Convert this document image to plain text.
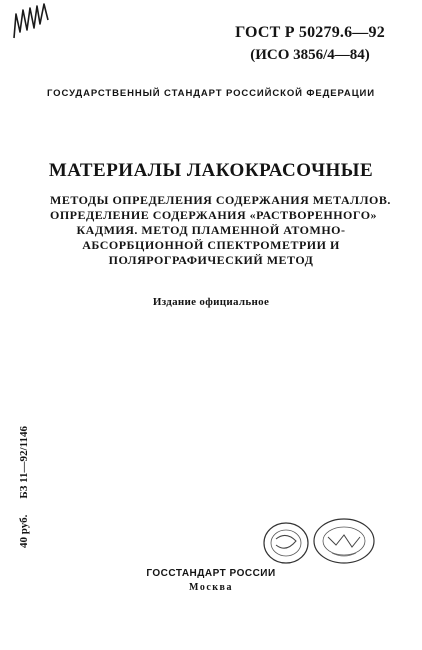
ГОСТ Р 50279.6—92
(ИСО 3856/4—84)
ГОСУДАРСТВЕННЫЙ СТАНДАРТ РОССИЙСКОЙ ФЕДЕРАЦИИ
МАТЕРИАЛЫ ЛАКОКРАСОЧНЫЕ
МЕТОДЫ ОПРЕДЕЛЕНИЯ СОДЕРЖАНИЯ МЕТАЛЛОВ.
ОПРЕДЕЛЕНИЕ СОДЕРЖАНИЯ «РАСТВОРЕННОГО»
КАДМИЯ. МЕТОД ПЛАМЕННОЙ АТОМНО-
АБСОРБЦИОННОЙ СПЕКТРОМЕТРИИ И
ПОЛЯРОГРАФИЧЕСКИЙ МЕТОД
Издание официальное
40 руб.БЗ 11—92/1146
ГОССТАНДАРТ РОССИИ
Москва
